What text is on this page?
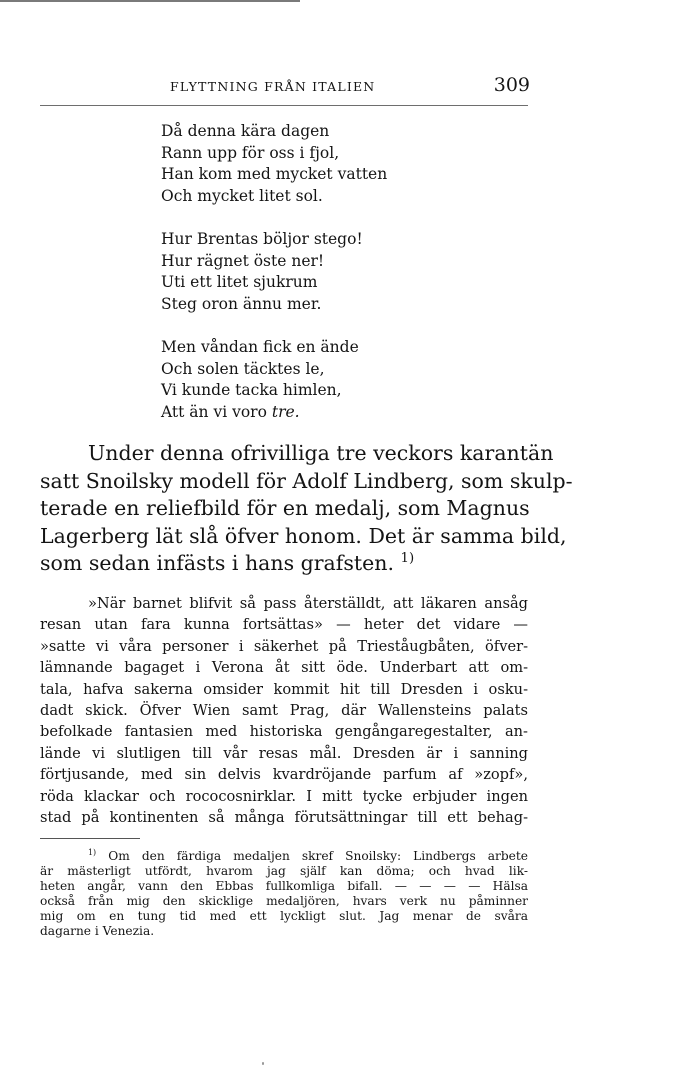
FLYTTNING FRÅN ITALIEN	309
Då denna kära dagen
Rann upp för oss i fjol,
Han kom med mycket vatten
Och mycket litet sol.
Hur Brentas böljor stego!
Hur rägnet öste ner!
Uti ett litet sjukrum
Steg oron ännu mer.
Men våndan fick en ände
Och solen täcktes le,
Vi kunde tacka himlen,
Att än vi voro tre.
Under denna ofrivilliga tre veckors karantän
satt Snoilsky modell för Adolf Lindberg, som skulp-
terade en reliefbild för en medalj, som Magnus
Lagerberg lät slå öfver honom. Det är samma bild,
som sedan infästs i hans grafsten. $^{1)}$
»När barnet blifvit så pass återställdt, att läkaren ansåg
resan utan fara kunna fortsättas» — heter det vidare —
»satte vi våra personer i säkerhet på Trieståugbåten, öfver-
lämnande bagaget i Verona åt sitt öde. Underbart att om-
tala, hafva sakerna omsider kommit hit till Dresden i osku-
dadt skick. Öfver Wien samt Prag, där Wallensteins palats
befolkade fantasien med historiska gengångaregestalter, an-
lände vi slutligen till vår resas mål. Dresden är i sanning
förtjusande, med sin delvis kvardröjande parfum af »zopf»,
röda klackar och rococosnirklar. I mitt tycke erbjuder ingen
stad på kontinenten så många förutsättningar till ett behag-
$^{1)}$ Om den färdiga medaljen skref Snoilsky: Lindbergs arbete
är mästerligt utfördt, hvarom jag själf kan döma; och hvad lik-
heten angår, vann den Ebbas fullkomliga bifall. — — — — Hälsa
också från mig den skicklige medaljören, hvars verk nu påminner
mig om en tung tid med ett lyckligt slut. Jag menar de svåra
dagarne i Venezia.
